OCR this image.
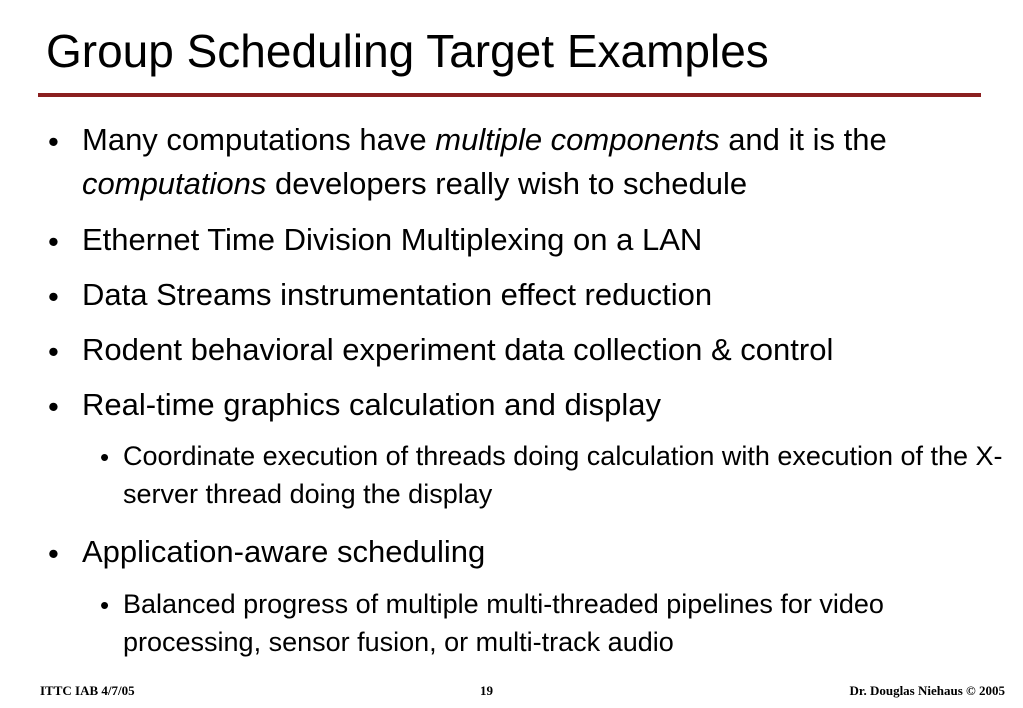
Group Scheduling Target Examples
• Many computations have multiple components and it is the computations developers really wish to schedule
• Ethernet Time Division Multiplexing on a LAN
• Data Streams instrumentation effect reduction
• Rodent behavioral experiment data collection & control
• Real-time graphics calculation and display
• Coordinate execution of threads doing calculation with execution of the X-server thread doing the display
• Application-aware scheduling
• Balanced progress of multiple multi-threaded pipelines for video processing, sensor fusion, or multi-track audio
ITTC IAB 4/7/05	19	Dr. Douglas Niehaus © 2005
